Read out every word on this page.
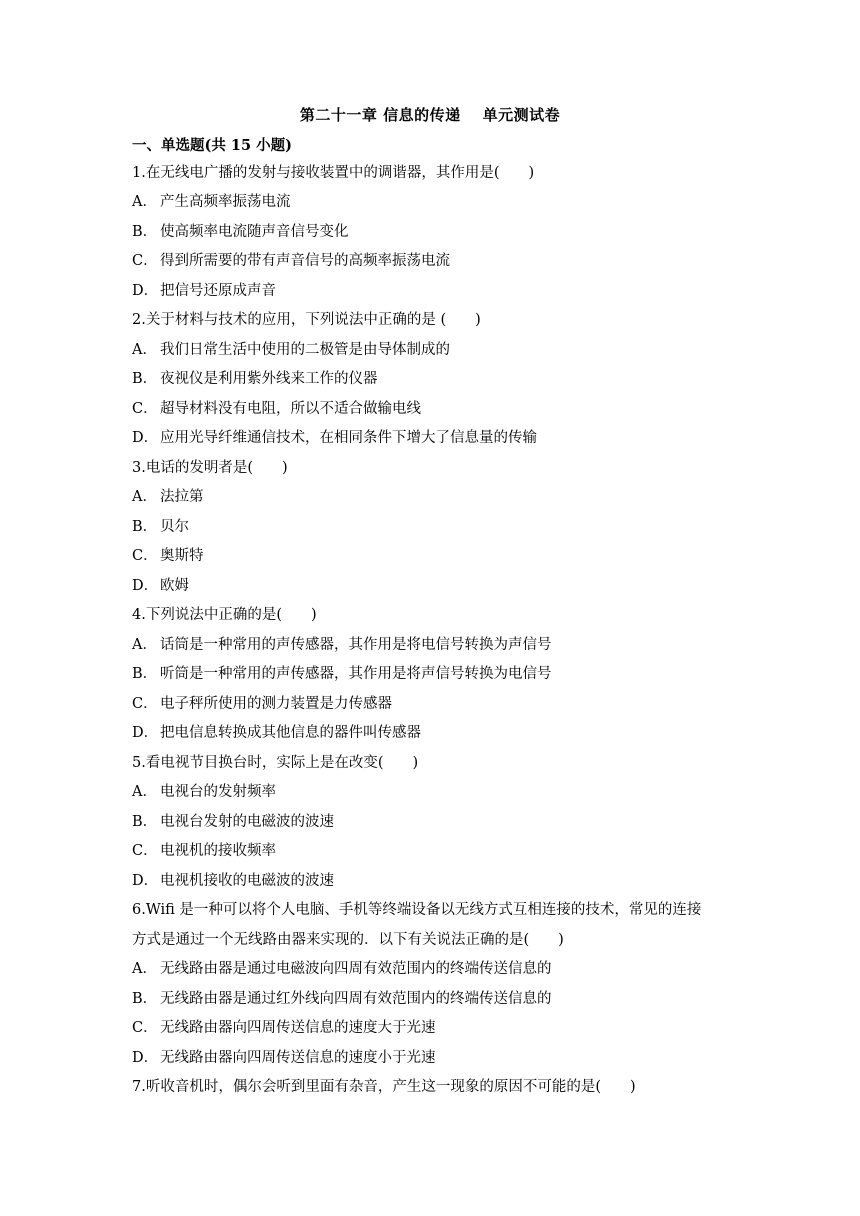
第二十一章 信息的传递 单元测试卷
一、单选题(共 15 小题)
1.在无线电广播的发射与接收装置中的调谐器，其作用是(　　)
A． 产生高频率振荡电流
B． 使高频率电流随声音信号变化
C． 得到所需要的带有声音信号的高频率振荡电流
D． 把信号还原成声音
2.关于材料与技术的应用，下列说法中正确的是 (　　)
A． 我们日常生活中使用的二极管是由导体制成的
B． 夜视仪是利用紫外线来工作的仪器
C． 超导材料没有电阻，所以不适合做输电线
D． 应用光导纤维通信技术，在相同条件下增大了信息量的传输
3.电话的发明者是(　　)
A． 法拉第
B． 贝尔
C． 奥斯特
D． 欧姆
4.下列说法中正确的是(　　)
A． 话筒是一种常用的声传感器，其作用是将电信号转换为声信号
B． 听筒是一种常用的声传感器，其作用是将声信号转换为电信号
C． 电子秤所使用的测力装置是力传感器
D． 把电信息转换成其他信息的器件叫传感器
5.看电视节目换台时，实际上是在改变(　　)
A． 电视台的发射频率
B． 电视台发射的电磁波的波速
C． 电视机的接收频率
D． 电视机接收的电磁波的波速
6.Wifi 是一种可以将个人电脑、手机等终端设备以无线方式互相连接的技术，常见的连接
方式是通过一个无线路由器来实现的．以下有关说法正确的是(　　)
A． 无线路由器是通过电磁波向四周有效范围内的终端传送信息的
B． 无线路由器是通过红外线向四周有效范围内的终端传送信息的
C． 无线路由器向四周传送信息的速度大于光速
D． 无线路由器向四周传送信息的速度小于光速
7.听收音机时，偶尔会听到里面有杂音，产生这一现象的原因不可能的是(　　)
